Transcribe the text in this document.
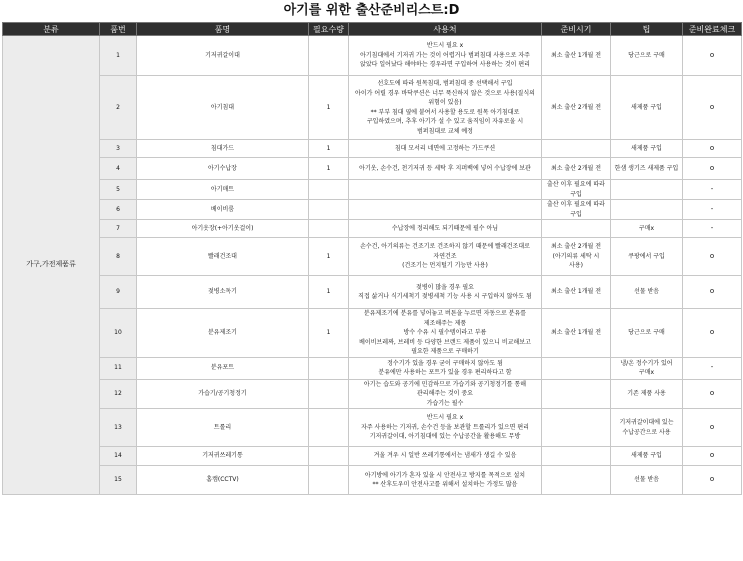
아기를 위한 출산준비리스트:D
분류	품번	품명	필요수량	사용처	준비시기	팁	준비완료체크
가구,가전제품류	1	기저귀갈이대		반드시 필요 x
아기침대에서 기저귀 가는 것이 어렵거나 범퍼침대 사용으로 자주 앉았다 일어났다 해야하는 경우라면 구입하여 사용하는 것이 편리	최소 출산 1개월 전	당근으로 구매	o
	2	아기침대	1	선호도에 따라 원목침대, 범퍼침대 중 선택해서 구입
아이가 어릴 경우 바닥쿠션은 너무 푹신하지 않은 것으로 사용(질식의 위험이 있음)
** 부부 침대 옆에 붙여서 사용할 용도로 원목 아기침대로 구입하였으며, 추후 아기가 설 수 있고 움직임이 자유로울 시 범퍼침대로 교체 예정	최소 출산 2개월 전	새제품 구입	o
	3	침대가드	1	침대 모서리 네면에 고정하는 가드쿠션		새제품 구입	o
	4	아기수납장	1	아기옷, 손수건, 천기저귀 등 세탁 후 지퍼백에 넣어 수납장에 보관	최소 출산 2개월 전	한샘 생기즈 새제품 구입	o
	5	아기매트			출산 이후 필요에 따라 구입		-
	6	베이비룸			출산 이후 필요에 따라 구입		-
	7	아기옷장(+아기옷걸이)		수납장에 정리해도 되기때문에 필수 아님		구매x	-
	8	빨래건조대	1	손수건, 아기의류는 건조기로 건조하지 않기 때문에 빨래건조대로 자연건조
(건조기는 먼지털기 기능만 사용)	최소 출산 2개월 전
(아기의류 세탁 시 사용)	쿠팡에서 구입	o
	9	젖병소독기	1	젖병이 많을 경우 필요
직접 삶거나 식기세척기 젖병세척 기능 사용 시 구입하지 않아도 됨	최소 출산 1개월 전	선물 받음	o
	10	분유제조기	1	분유제조기에 분유를 넣어놓고 버튼을 누르면 자동으로 분유를 제조해주는 제품
방수 수유 시 필수템이라고 부름
베이비브레짜, 브레비 등 다양한 브랜드 제품이 있으니 비교해보고 필요한 제품으로 구매하기	최소 출산 1개월 전	당근으로 구매	o
	11	분유포트		정수기가 있을 경우 굳이 구매하지 않아도 됨
분유에만 사용하는 포트가 있을 경우 편리하다고 함		냉/온 정수기가 있어 구매x	-
	12	가습기/공기청정기		아기는 습도와 공기에 민감하므로 가습기와 공기청정기를 통해 관리해주는 것이 중요
가습기는 필수		기존 제품 사용	o
	13	트롤리		반드시 필요 x
자주 사용하는 기저귀, 손수건 등을 보관할 트롤리가 있으면 편리
기저귀갈이대, 아기침대에 있는 수납공간을 활용해도 무방		기저귀갈이대에 있는 수납공간으로 사용	o
	14	기저귀쓰레기통		겨울 겨우 시 일반 쓰레기통에서는 냄새가 생길 수 있음		새제품 구입	o
	15	홈캠(CCTV)		아기방에 아기가 혼자 있을 시 안전사고 방지를 목적으로 설치
** 산후도우미 안전사고를 위해서 설치하는 가정도 많음		선물 받음	o
